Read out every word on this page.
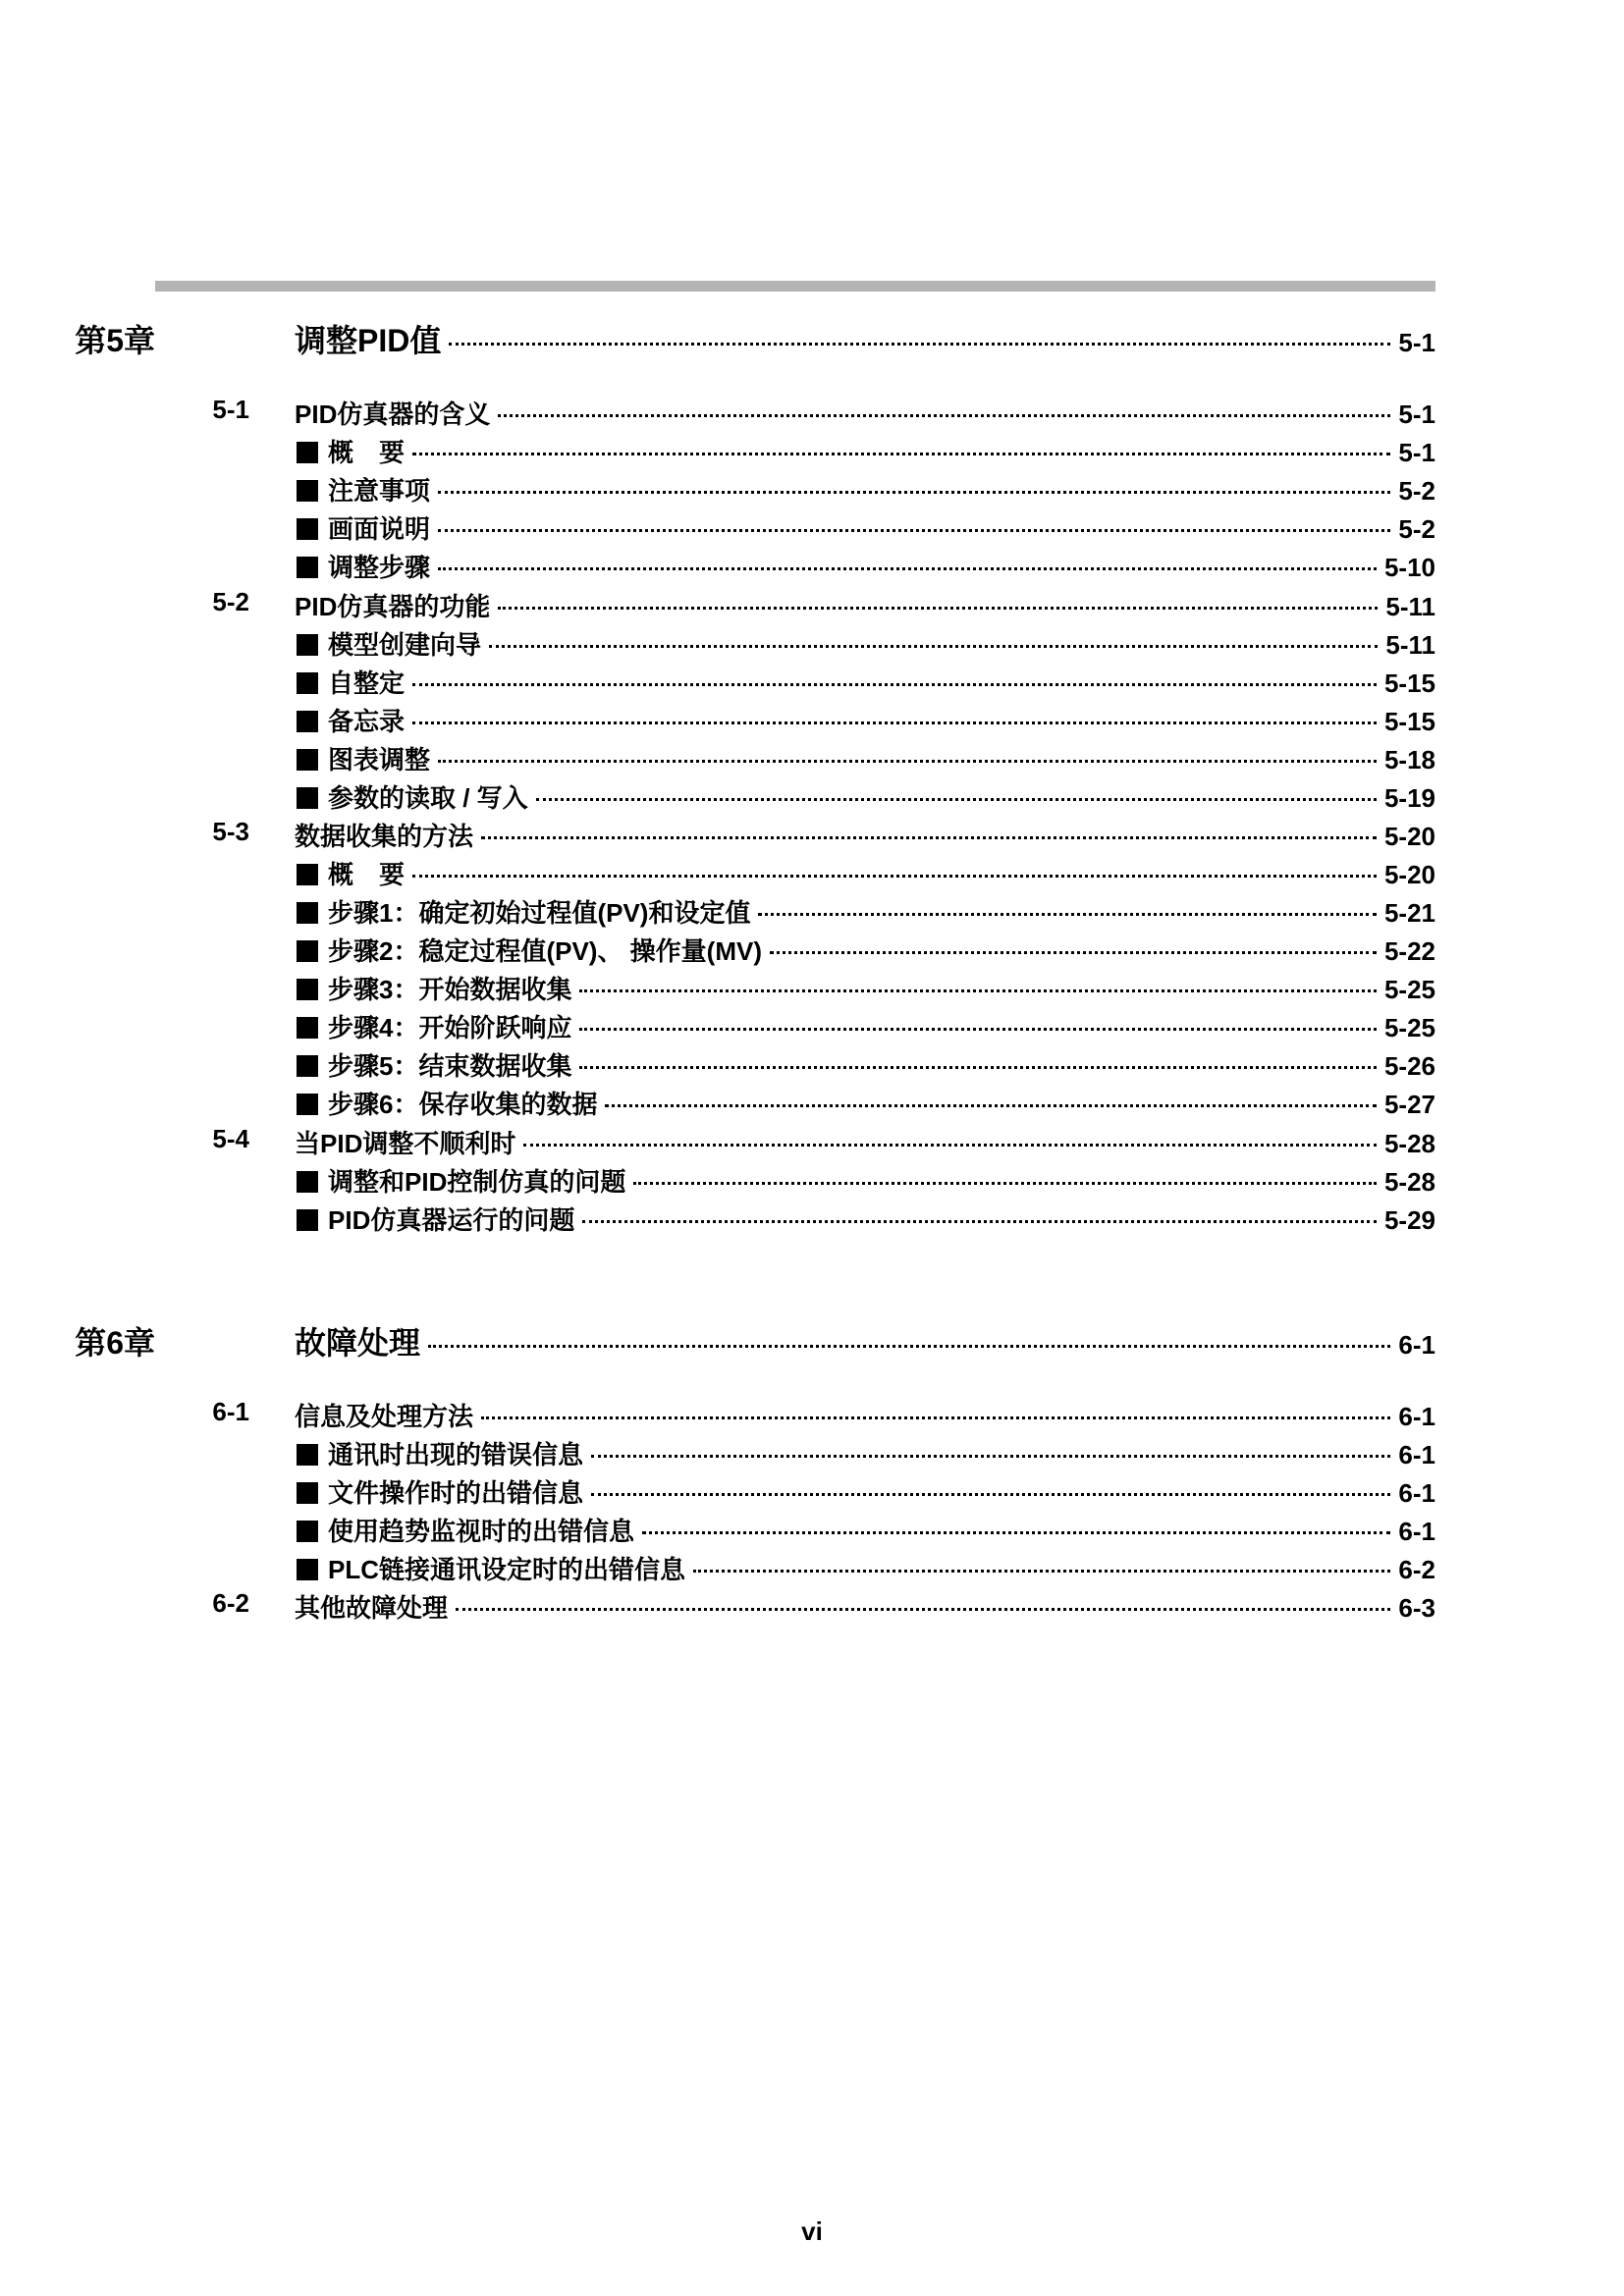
第5章	调整PID值	5-1
5-1 PID仿真器的含义	5-1
概　要	5-1
注意事项	5-2
画面说明	5-2
调整步骤	5-10
5-2 PID仿真器的功能	5-11
模型创建向导	5-11
自整定	5-15
备忘录	5-15
图表调整	5-18
参数的读取 / 写入	5-19
5-3 数据收集的方法	5-20
概　要	5-20
步骤1：确定初始过程值(PV)和设定值	5-21
步骤2：稳定过程值(PV)、 操作量(MV)	5-22
步骤3：开始数据收集	5-25
步骤4：开始阶跃响应	5-25
步骤5：结束数据收集	5-26
步骤6：保存收集的数据	5-27
5-4 当PID调整不顺利时	5-28
调整和PID控制仿真的问题	5-28
PID仿真器运行的问题	5-29
第6章	故障处理	6-1
6-1 信息及处理方法	6-1
通讯时出现的错误信息	6-1
文件操作时的出错信息	6-1
使用趋势监视时的出错信息	6-1
PLC链接通讯设定时的出错信息	6-2
6-2 其他故障处理	6-3
vi
